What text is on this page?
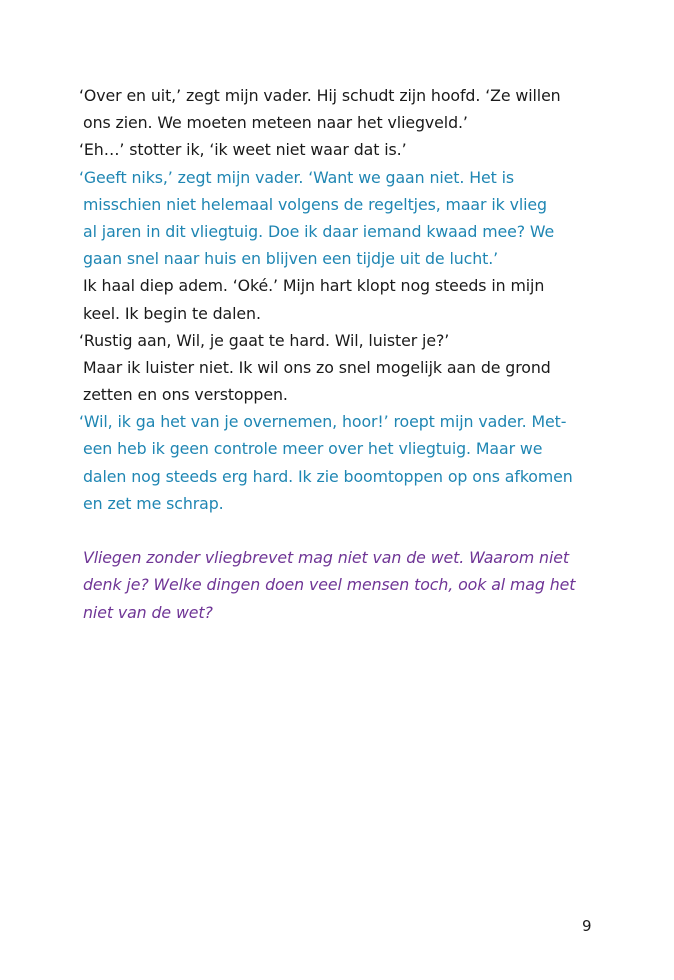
‘Over en uit,’ zegt mijn vader. Hij schudt zijn hoofd. ‘Ze willen
ons zien. We moeten meteen naar het vliegveld.’
‘Eh…’ stotter ik, ‘ik weet niet waar dat is.’
‘Geeft niks,’ zegt mijn vader. ‘Want we gaan niet. Het is
misschien niet helemaal volgens de regeltjes, maar ik vlieg
al jaren in dit vliegtuig. Doe ik daar iemand kwaad mee? We
gaan snel naar huis en blijven een tijdje uit de lucht.’
Ik haal diep adem. ‘Oké.’ Mijn hart klopt nog steeds in mijn
keel. Ik begin te dalen.
‘Rustig aan, Wil, je gaat te hard. Wil, luister je?’
Maar ik luister niet. Ik wil ons zo snel mogelijk aan de grond
zetten en ons verstoppen.
‘Wil, ik ga het van je overnemen, hoor!’ roept mijn vader. Met-
een heb ik geen controle meer over het vliegtuig. Maar we
dalen nog steeds erg hard. Ik zie boomtoppen op ons afkomen
en zet me schrap.
Vliegen zonder vliegbrevet mag niet van de wet. Waarom niet
denk je? Welke dingen doen veel mensen toch, ook al mag het
niet van de wet?
9
